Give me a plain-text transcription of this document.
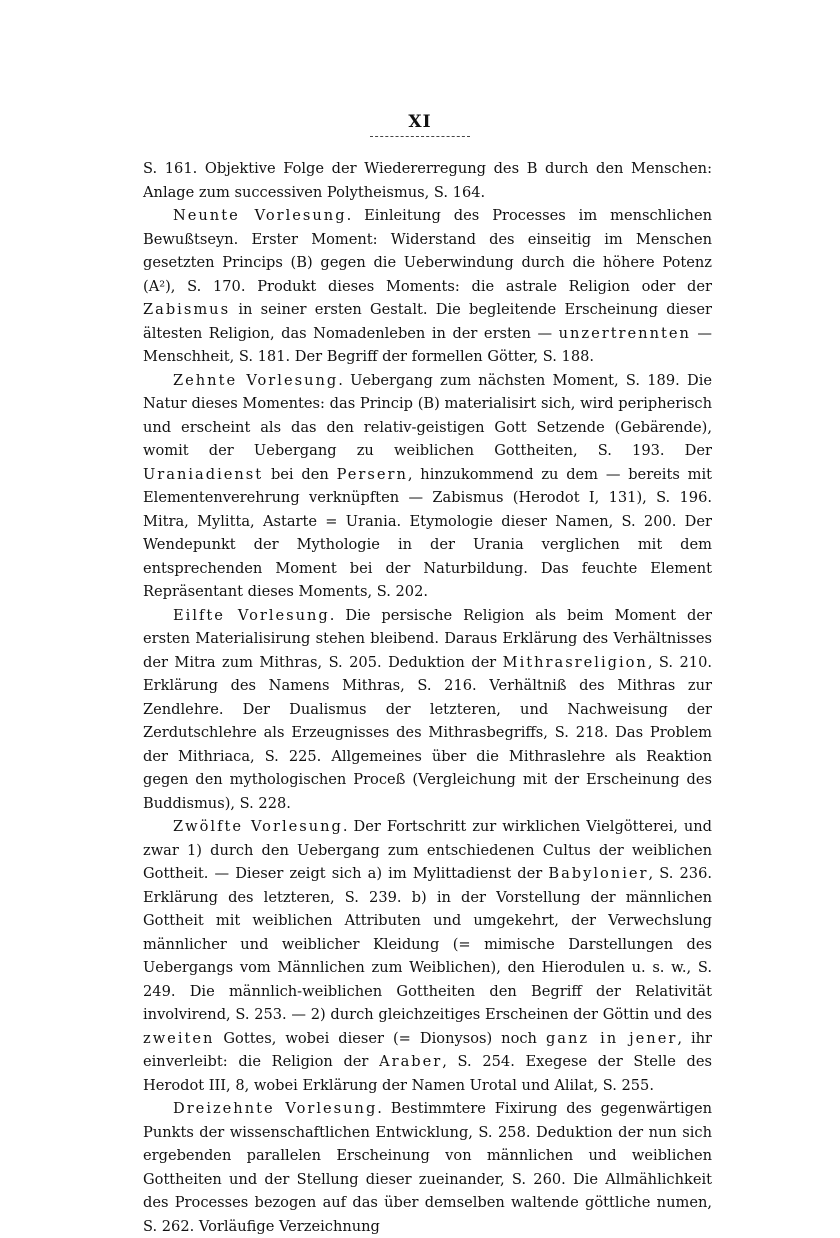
XI

S. 161. Objektive Folge der Wiedererregung des B durch den Menschen: Anlage zum successiven Polytheismus, S. 164.

Neunte Vorlesung. Einleitung des Processes im menschlichen Bewußtseyn. Erster Moment: Widerstand des einseitig im Menschen gesetzten Princips (B) gegen die Ueberwindung durch die höhere Potenz (A²), S. 170. Produkt dieses Moments: die astrale Religion oder der Zabismus in seiner ersten Gestalt. Die begleitende Erscheinung dieser ältesten Religion, das Nomadenleben in der ersten — unzertrennten — Menschheit, S. 181. Der Begriff der formellen Götter, S. 188.

Zehnte Vorlesung. Uebergang zum nächsten Moment, S. 189. Die Natur dieses Momentes: das Princip (B) materialisirt sich, wird peripherisch und erscheint als das den relativ-geistigen Gott Setzende (Gebärende), womit der Uebergang zu weiblichen Gottheiten, S. 193. Der Uraniadienst bei den Persern, hinzukommend zu dem — bereits mit Elementenverehrung verknüpften — Zabismus (Herodot I, 131), S. 196. Mitra, Mylitta, Astarte = Urania. Etymologie dieser Namen, S. 200. Der Wendepunkt der Mythologie in der Urania verglichen mit dem entsprechenden Moment bei der Naturbildung. Das feuchte Element Repräsentant dieses Moments, S. 202.

Eilfte Vorlesung. Die persische Religion als beim Moment der ersten Materialisirung stehen bleibend. Daraus Erklärung des Verhältnisses der Mitra zum Mithras, S. 205. Deduktion der Mithrasreligion, S. 210. Erklärung des Namens Mithras, S. 216. Verhältniß des Mithras zur Zendlehre. Der Dualismus der letzteren, und Nachweisung der Zerdutschlehre als Erzeugnisses des Mithrasbegriffs, S. 218. Das Problem der Mithriaca, S. 225. Allgemeines über die Mithraslehre als Reaktion gegen den mythologischen Proceß (Vergleichung mit der Erscheinung des Buddismus), S. 228.

Zwölfte Vorlesung. Der Fortschritt zur wirklichen Vielgötterei, und zwar 1) durch den Uebergang zum entschiedenen Cultus der weiblichen Gottheit. — Dieser zeigt sich a) im Mylittadienst der Babylonier, S. 236. Erklärung des letzteren, S. 239. b) in der Vorstellung der männlichen Gottheit mit weiblichen Attributen und umgekehrt, der Verwechslung männlicher und weiblicher Kleidung (= mimische Darstellungen des Uebergangs vom Männlichen zum Weiblichen), den Hierodulen u. s. w., S. 249. Die männlich-weiblichen Gottheiten den Begriff der Relativität involvirend, S. 253. — 2) durch gleichzeitiges Erscheinen der Göttin und des zweiten Gottes, wobei dieser (= Dionysos) noch ganz in jener, ihr einverleibt: die Religion der Araber, S. 254. Exegese der Stelle des Herodot III, 8, wobei Erklärung der Namen Urotal und Alilat, S. 255.

Dreizehnte Vorlesung. Bestimmtere Fixirung des gegenwärtigen Punkts der wissenschaftlichen Entwicklung, S. 258. Deduktion der nun sich ergebenden parallelen Erscheinung von männlichen und weiblichen Gottheiten und der Stellung dieser zueinander, S. 260. Die Allmählichkeit des Processes bezogen auf das über demselben waltende göttliche numen, S. 262. Vorläufige Verzeichnung
